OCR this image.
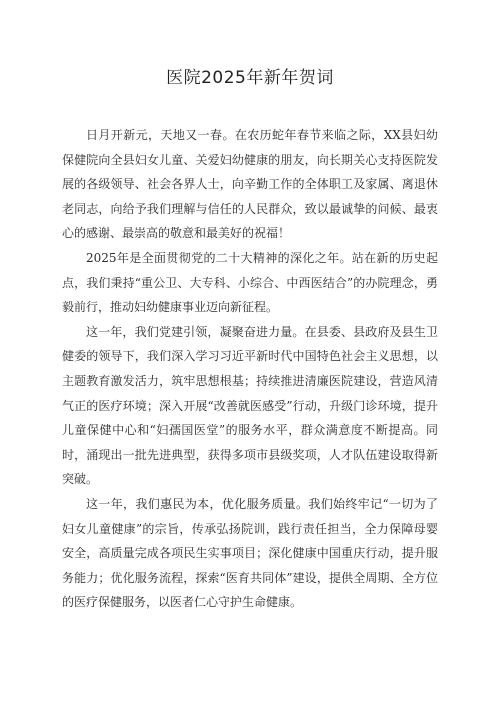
医院2025年新年贺词

日月开新元，天地又一春。在农历蛇年春节来临之际，XX县妇幼保健院向全县妇女儿童、关爱妇幼健康的朋友，向长期关心支持医院发展的各级领导、社会各界人士，向辛勤工作的全体职工及家属、离退休老同志，向给予我们理解与信任的人民群众，致以最诚挚的问候、最衷心的感谢、最崇高的敬意和最美好的祝福！

2025年是全面贯彻党的二十大精神的深化之年。站在新的历史起点，我们秉持“重公卫、大专科、小综合、中西医结合”的办院理念，勇毅前行，推动妇幼健康事业迈向新征程。

这一年，我们党建引领，凝聚奋进力量。在县委、县政府及县生卫健委的领导下，我们深入学习习近平新时代中国特色社会主义思想，以主题教育激发活力，筑牢思想根基；持续推进清廉医院建设，营造风清气正的医疗环境；深入开展“改善就医感受”行动，升级门诊环境，提升儿童保健中心和“妇孺国医堂”的服务水平，群众满意度不断提高。同时，涌现出一批先进典型，获得多项市县级奖项，人才队伍建设取得新突破。

这一年，我们惠民为本，优化服务质量。我们始终牢记“一切为了妇女儿童健康”的宗旨，传承弘扬院训，践行责任担当，全力保障母婴安全，高质量完成各项民生实事项目；深化健康中国重庆行动，提升服务能力；优化服务流程，探索“医育共同体”建设，提供全周期、全方位的医疗保健服务，以医者仁心守护生命健康。
